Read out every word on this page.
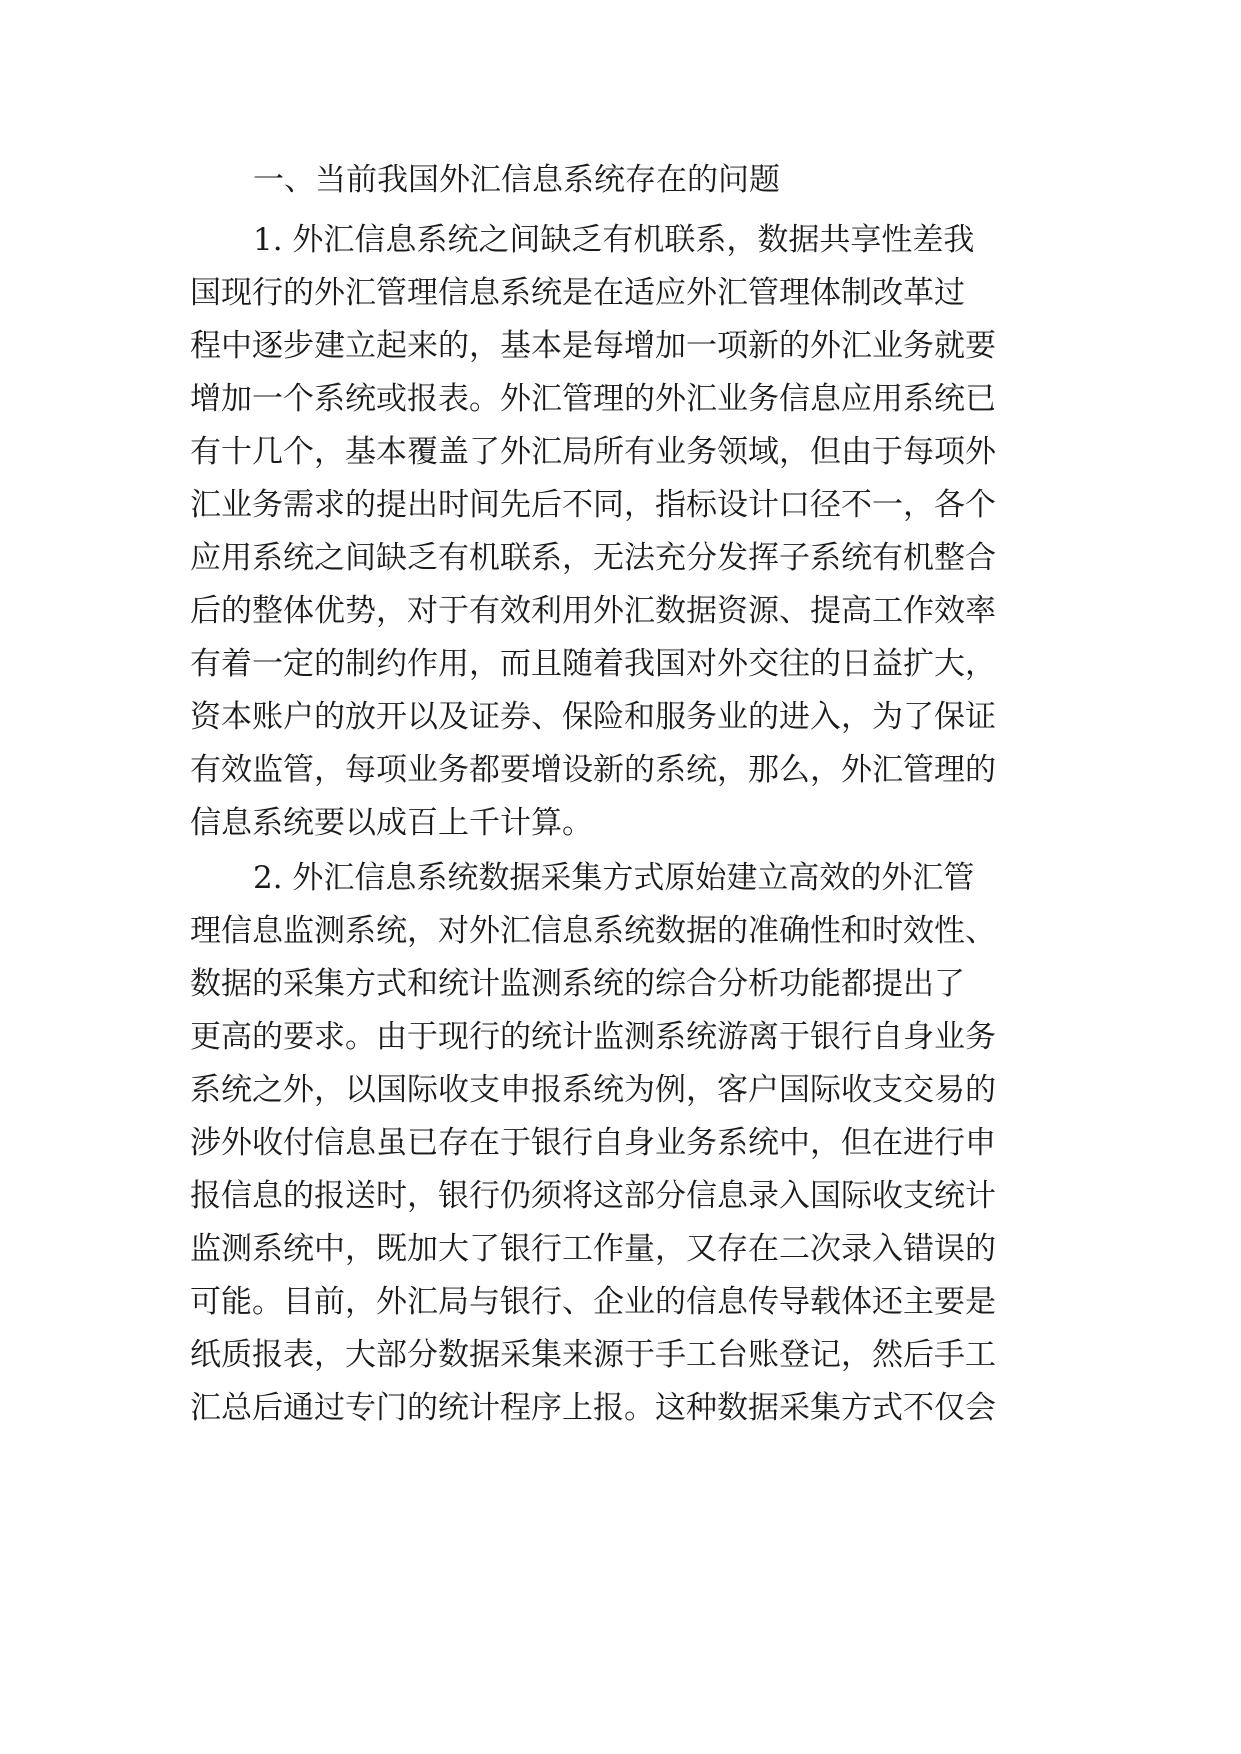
一、当前我国外汇信息系统存在的问题
1. 外汇信息系统之间缺乏有机联系，数据共享性差我
国现行的外汇管理信息系统是在适应外汇管理体制改革过
程中逐步建立起来的，基本是每增加一项新的外汇业务就要
增加一个系统或报表。外汇管理的外汇业务信息应用系统已
有十几个，基本覆盖了外汇局所有业务领域，但由于每项外
汇业务需求的提出时间先后不同，指标设计口径不一，各个
应用系统之间缺乏有机联系，无法充分发挥子系统有机整合
后的整体优势，对于有效利用外汇数据资源、提高工作效率
有着一定的制约作用，而且随着我国对外交往的日益扩大，
资本账户的放开以及证券、保险和服务业的进入，为了保证
有效监管，每项业务都要增设新的系统，那么，外汇管理的
信息系统要以成百上千计算。
2. 外汇信息系统数据采集方式原始建立高效的外汇管
理信息监测系统，对外汇信息系统数据的准确性和时效性、
数据的采集方式和统计监测系统的综合分析功能都提出了
更高的要求。由于现行的统计监测系统游离于银行自身业务
系统之外，以国际收支申报系统为例，客户国际收支交易的
涉外收付信息虽已存在于银行自身业务系统中，但在进行申
报信息的报送时，银行仍须将这部分信息录入国际收支统计
监测系统中，既加大了银行工作量，又存在二次录入错误的
可能。目前，外汇局与银行、企业的信息传导载体还主要是
纸质报表，大部分数据采集来源于手工台账登记，然后手工
汇总后通过专门的统计程序上报。这种数据采集方式不仅会
